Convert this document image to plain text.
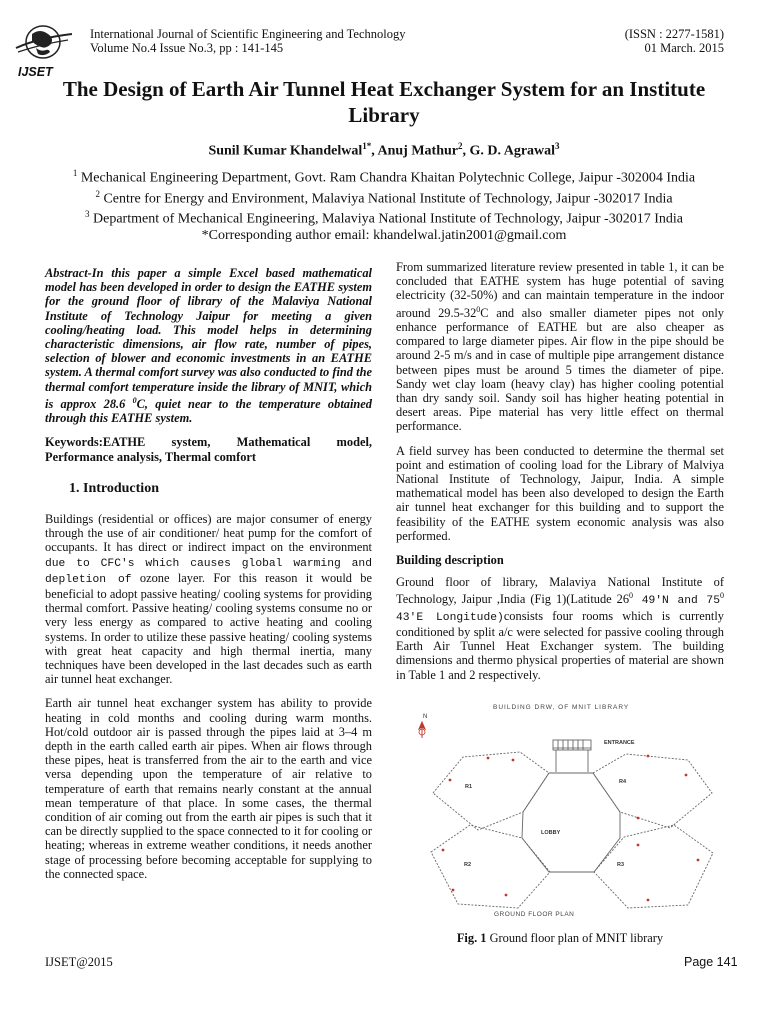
IJSET
International Journal of Scientific Engineering and Technology
Volume No.4 Issue No.3, pp : 141-145
(ISSN : 2277-1581)
01 March. 2015
The Design of Earth Air Tunnel Heat Exchanger System for an Institute Library
Sunil Kumar Khandelwal$^{1*}$, Anuj Mathur$^2$, G. D. Agrawal$^3$
$^1$ Mechanical Engineering Department, Govt. Ram Chandra Khaitan Polytechnic College, Jaipur -302004 India
$^2$ Centre for Energy and Environment, Malaviya National Institute of Technology, Jaipur -302017 India
$^3$ Department of Mechanical Engineering, Malaviya National Institute of Technology, Jaipur -302017 India
*Corresponding author email: khandelwal.jatin2001@gmail.com

Abstract-In this paper a simple Excel based mathematical model has been developed in order to design the EATHE system for the ground floor of library of the Malaviya National Institute of Technology Jaipur for meeting a given cooling/heating load. This model helps in determining characteristic dimensions, air flow rate, number of pipes, selection of blower and economic investments in an EATHE system. A thermal comfort survey was also conducted to find the thermal comfort temperature inside the library of MNIT, which is approx 28.6 $^0$C, quiet near to the temperature obtained through this EATHE system.

Keywords:EATHE system, Mathematical model, Performance analysis, Thermal comfort

1. Introduction

Buildings (residential or offices) are major consumer of energy through the use of air conditioner/ heat pump for the comfort of occupants. It has direct or indirect impact on the environment due to CFC's which causes global warming and depletion of ozone layer. For this reason it would be beneficial to adopt passive heating/ cooling systems for providing thermal comfort. Passive heating/ cooling systems consume no or very less energy as compared to active heating and cooling systems. In order to utilize these passive heating/ cooling systems with great heat capacity and high thermal inertia, many techniques have been developed in the last decades such as earth air tunnel heat exchanger.

Earth air tunnel heat exchanger system has ability to provide heating in cold months and cooling during warm months. Hot/cold outdoor air is passed through the pipes laid at 3–4 m depth in the earth called earth air pipes. When air flows through these pipes, heat is transferred from the air to the earth and vice versa depending upon the temperature of air relative to temperature of earth that remains nearly constant at the annual mean temperature of that place. In some cases, the thermal condition of air coming out from the earth air pipes is such that it can be directly supplied to the space connected to it for cooling or heating; whereas in extreme weather conditions, it needs another stage of processing before becoming acceptable for supplying to the connected space.

From summarized literature review presented in table 1, it can be concluded that EATHE system has huge potential of saving electricity (32-50%) and can maintain temperature in the indoor around $29.5-32^0C$ and also smaller diameter pipes not only enhance performance of EATHE but are also cheaper as compared to large diameter pipes. Air flow in the pipe should be around 2-5 m/s and in case of multiple pipe arrangement distance between pipes must be around 5 times the diameter of pipe. Sandy wet clay loam (heavy clay) has higher cooling potential than dry sandy soil. Sandy soil has higher heating potential in desert areas. Pipe material has very little effect on thermal performance.

A field survey has been conducted to determine the thermal set point and estimation of cooling load for the Library of Malviya National Institute of Technology, Jaipur, India. A simple mathematical model has been also developed to design the Earth air tunnel heat exchanger for this building and to support the feasibility of the EATHE system economic analysis was also performed.

Building description

Ground floor of library, Malaviya National Institute of Technology, Jaipur ,India (Fig 1)(Latitude $26^0$ 49'N and $75^0$ 43'E Longitude)consists four rooms which is currently conditioned by split a/c were selected for passive cooling through Earth Air Tunnel Heat Exchanger system. The building dimensions and thermo physical properties of material are shown in Table 1 and 2 respectively.

BUILDING DRW, OF MNIT LIBRARY
N
ENTRANCE
R1
R4
R2	R3
LOBBY
GROUND FLOOR PLAN
Fig. 1 Ground floor plan of MNIT library
IJSET@2015	Page 141
